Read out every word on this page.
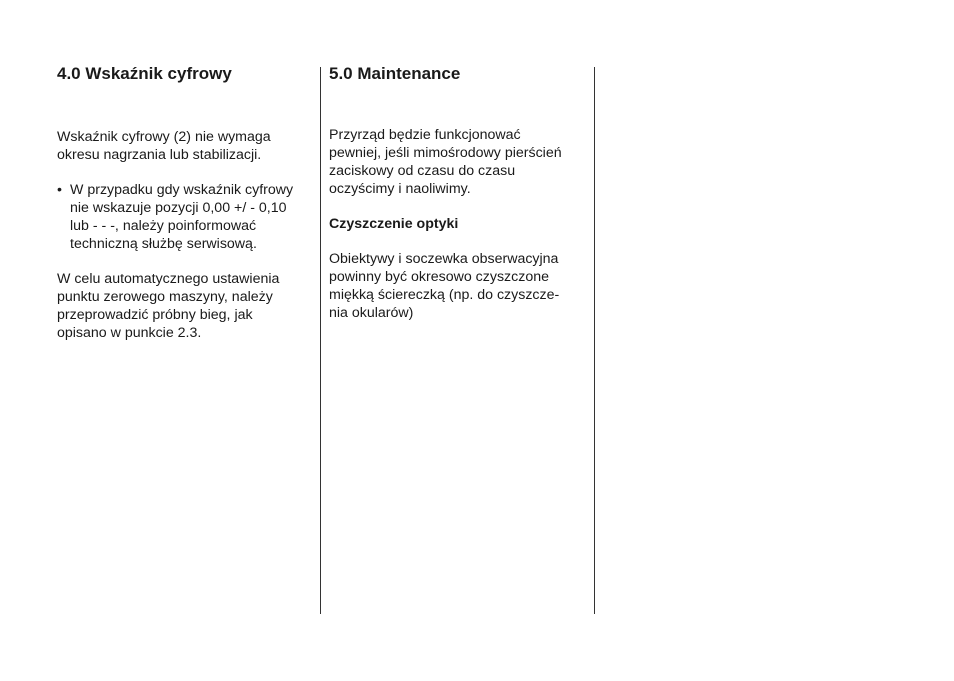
4.0 Wskaźnik cyfrowy

Wskaźnik cyfrowy (2) nie wymaga
okresu nagrzania lub stabilizacji.

• W przypadku gdy wskaźnik cyfrowy
nie wskazuje pozycji 0,00 +/ - 0,10
lub - - -, należy poinformować
techniczną służbę serwisową.

W celu automatycznego ustawienia
punktu zerowego maszyny, należy
przeprowadzić próbny bieg, jak
opisano w punkcie 2.3.

5.0 Maintenance

Przyrząd będzie funkcjonować
pewniej, jeśli mimośrodowy pierścień
zaciskowy od czasu do czasu
oczyścimy i naoliwimy.

Czyszczenie optyki

Obiektywy i soczewka obserwacyjna
powinny być okresowo czyszczone
miękką ściereczką (np. do czyszcze-
nia okularów)
